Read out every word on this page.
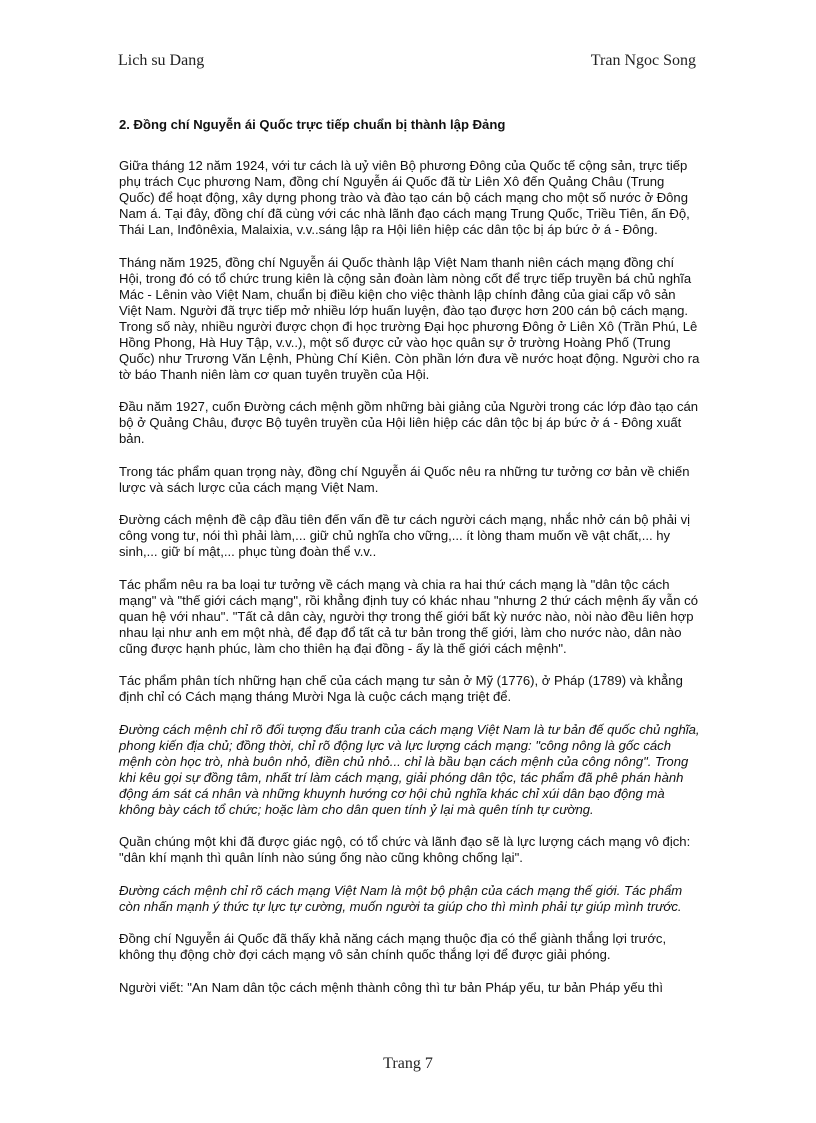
Lich su Dang	Tran Ngoc Song
2. Đồng chí Nguyễn ái Quốc trực tiếp chuẩn bị thành lập Đảng

Giữa tháng 12 năm 1924, với tư cách là uỷ viên Bộ phương Đông của Quốc tế cộng sản, trực tiếp phụ trách Cục phương Nam, đồng chí Nguyễn ái Quốc đã từ Liên Xô đến Quảng Châu (Trung Quốc) để hoạt động, xây dựng phong trào và đào tạo cán bộ cách mạng cho một số nước ở Đông Nam á. Tại đây, đồng chí đã cùng với các nhà lãnh đạo cách mạng Trung Quốc, Triều Tiên, ấn Độ, Thái Lan, Inđônêxia, Malaixia, v.v..sáng lập ra Hội liên hiệp các dân tộc bị áp bức ở á - Đông.

Tháng năm 1925, đồng chí Nguyễn ái Quốc thành lập Việt Nam thanh niên cách mạng đồng chí Hội, trong đó có tổ chức trung kiên là cộng sản đoàn làm nòng cốt để trực tiếp truyền bá chủ nghĩa Mác - Lênin vào Việt Nam, chuẩn bị điều kiện cho việc thành lập chính đảng của giai cấp vô sản Việt Nam. Người đã trực tiếp mở nhiều lớp huấn luyện, đào tạo được hơn 200 cán bộ cách mạng. Trong số này, nhiều người được chọn đi học trường Đại học phương Đông ở Liên Xô (Trần Phú, Lê Hồng Phong, Hà Huy Tập, v.v..), một số được cử vào học quân sự ở trường Hoàng Phố (Trung Quốc) như Trương Văn Lệnh, Phùng Chí Kiên. Còn phần lớn đưa về nước hoạt động. Người cho ra tờ báo Thanh niên làm cơ quan tuyên truyền của Hội.

Đầu năm 1927, cuốn Đường cách mệnh gồm những bài giảng của Người trong các lớp đào tạo cán bộ ở Quảng Châu, được Bộ tuyên truyền của Hội liên hiệp các dân tộc bị áp bức ở á - Đông xuất bản.

Trong tác phẩm quan trọng này, đồng chí Nguyễn ái Quốc nêu ra những tư tưởng cơ bản về chiến lược và sách lược của cách mạng Việt Nam.

Đường cách mệnh đề cập đầu tiên đến vấn đề tư cách người cách mạng, nhắc nhở cán bộ phải vị công vong tư, nói thì phải làm,... giữ chủ nghĩa cho vững,... ít lòng tham muốn về vật chất,... hy sinh,... giữ bí mật,... phục tùng đoàn thể v.v..

Tác phẩm nêu ra ba loại tư tưởng về cách mạng và chia ra hai thứ cách mạng là "dân tộc cách mạng" và "thế giới cách mạng", rồi khẳng định tuy có khác nhau "nhưng 2 thứ cách mệnh ấy vẫn có quan hệ với nhau". "Tất cả dân cày, người thợ trong thế giới bất kỳ nước nào, nòi nào đều liên hợp nhau lại như anh em một nhà, để đạp đổ tất cả tư bản trong thế giới, làm cho nước nào, dân nào cũng được hạnh phúc, làm cho thiên hạ đại đồng - ấy là thế giới cách mệnh".

Tác phẩm phân tích những hạn chế của cách mạng tư sản ở Mỹ (1776), ở Pháp (1789) và khẳng định chỉ có Cách mạng tháng Mười Nga là cuộc cách mạng triệt để.

Đường cách mệnh chỉ rõ đối tượng đấu tranh của cách mạng Việt Nam là tư bản đế quốc chủ nghĩa, phong kiến địa chủ; đồng thời, chỉ rõ động lực và lực lượng cách mạng: "công nông là gốc cách mệnh còn học trò, nhà buôn nhỏ, điền chủ nhỏ... chỉ là bầu bạn cách mệnh của công nông". Trong khi kêu gọi sự đồng tâm, nhất trí làm cách mạng, giải phóng dân tộc, tác phẩm đã phê phán hành động ám sát cá nhân và những khuynh hướng cơ hội chủ nghĩa khác chỉ xúi dân bạo động mà không bày cách tổ chức; hoặc làm cho dân quen tính ỷ lại mà quên tính tự cường.

Quần chúng một khi đã được giác ngộ, có tổ chức và lãnh đạo sẽ là lực lượng cách mạng vô địch: "dân khí mạnh thì quân lính nào súng ống nào cũng không chống lại".

Đường cách mệnh chỉ rõ cách mạng Việt Nam là một bộ phận của cách mạng thế giới. Tác phẩm còn nhấn mạnh ý thức tự lực tự cường, muốn người ta giúp cho thì mình phải tự giúp mình trước.

Đồng chí Nguyễn ái Quốc đã thấy khả năng cách mạng thuộc địa có thể giành thắng lợi trước, không thụ động chờ đợi cách mạng vô sản chính quốc thắng lợi để được giải phóng.

Người viết: "An Nam dân tộc cách mệnh thành công thì tư bản Pháp yếu, tư bản Pháp yếu thì

Trang 7
